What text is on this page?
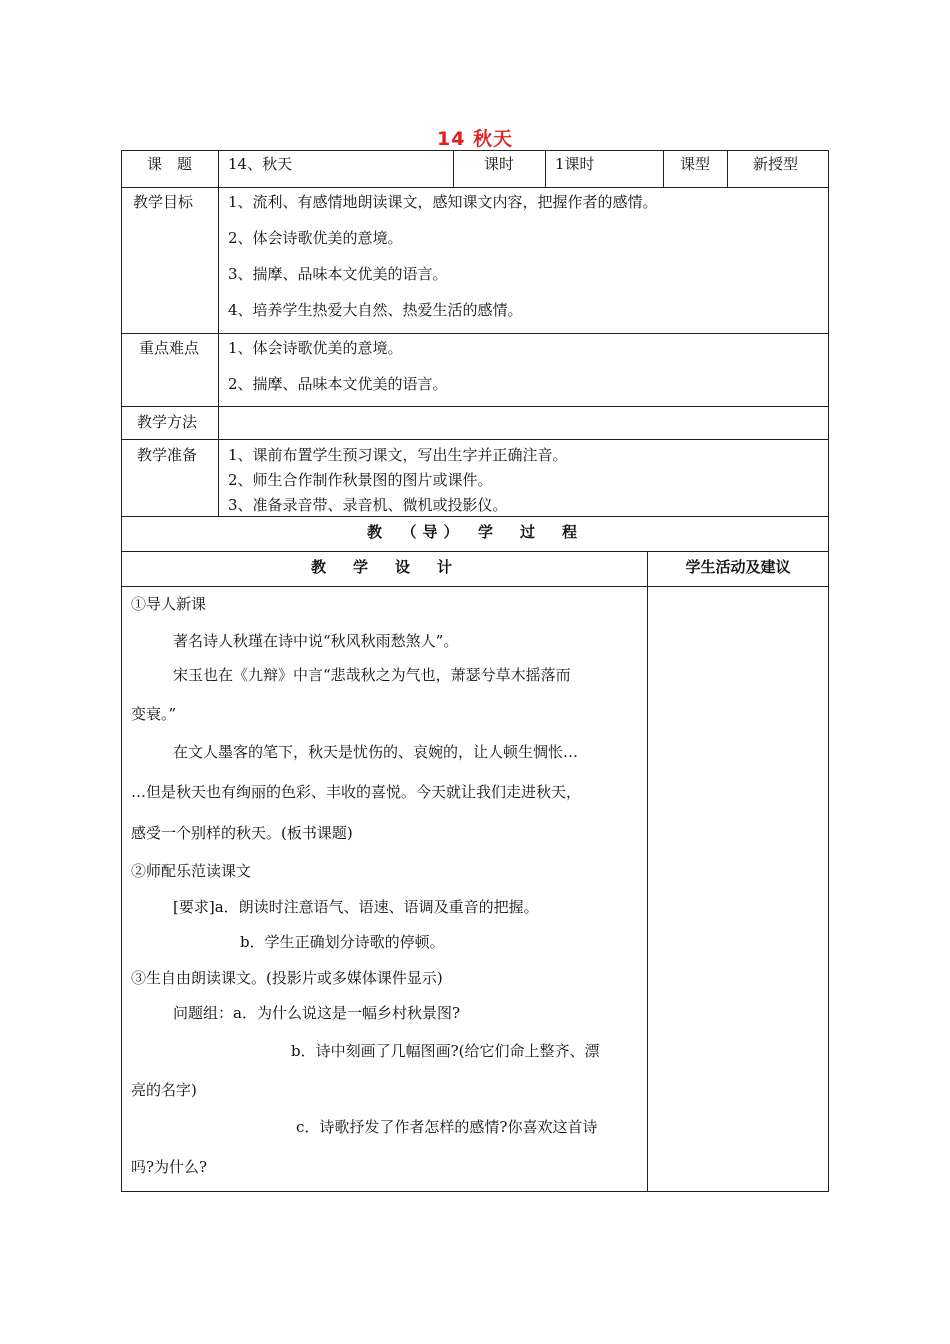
14 秋天
课　题 14、秋天	课时	1课时	课型	新授型
教学目标 1、流利、有感情地朗读课文，感知课文内容，把握作者的感情。
2、体会诗歌优美的意境。
3、揣摩、品味本文优美的语言。
4、培养学生热爱大自然、热爱生活的感情。
重点难点 1、体会诗歌优美的意境。
2、揣摩、品味本文优美的语言。
教学方法
教学准备 1、课前布置学生预习课文，写出生字并正确注音。
2、师生合作制作秋景图的图片或课件。
3、准备录音带、录音机、微机或投影仪。
教　（导）　学　过　程
教　学　设　计	学生活动及建议
①导人新课
著名诗人秋瑾在诗中说“秋风秋雨愁煞人”。
宋玉也在《九辩》中言“悲哉秋之为气也，萧瑟兮草木摇落而
变衰。”
在文人墨客的笔下，秋天是忧伤的、哀婉的，让人顿生惆怅…
…但是秋天也有绚丽的色彩、丰收的喜悦。今天就让我们走进秋天，
感受一个别样的秋天。(板书课题)
②师配乐范读课文
[要求]a．朗读时注意语气、语速、语调及重音的把握。
b．学生正确划分诗歌的停顿。
③生自由朗读课文。(投影片或多媒体课件显示)
问题组：a．为什么说这是一幅乡村秋景图?
b．诗中刻画了几幅图画?(给它们命上整齐、漂
亮的名字)
c．诗歌抒发了作者怎样的感情?你喜欢这首诗
吗?为什么?
